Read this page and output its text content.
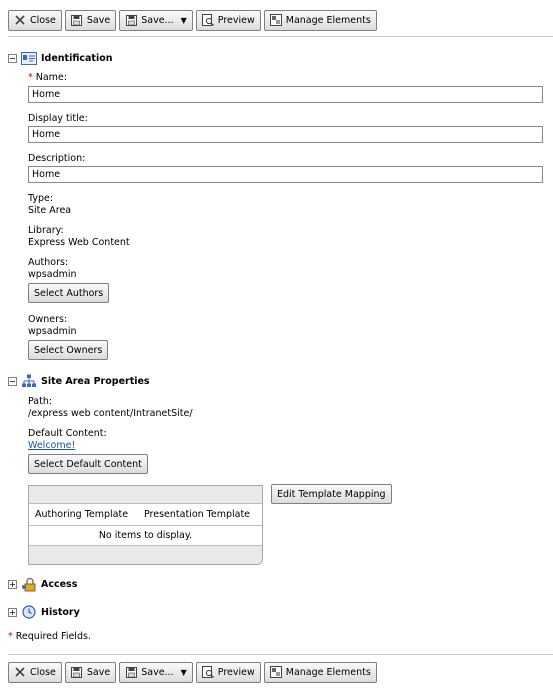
Close	Save	Save... ▼	Preview	Manage Elements
−	Identification
* Name:
Home
Display title:
Home
Description:
Home
Type:
Site Area
Library:
Express Web Content
Authors:
wpsadmin
Select Authors
Owners:
wpsadmin
Select Owners
−	Site Area Properties
Path:
/express web content/IntranetSite/
Default Content:
Welcome!
Select Default Content
Authoring Template	Presentation Template
No items to display.
Edit Template Mapping
+	Access
+	History
* Required Fields.
Close	Save	Save... ▼	Preview	Manage Elements
